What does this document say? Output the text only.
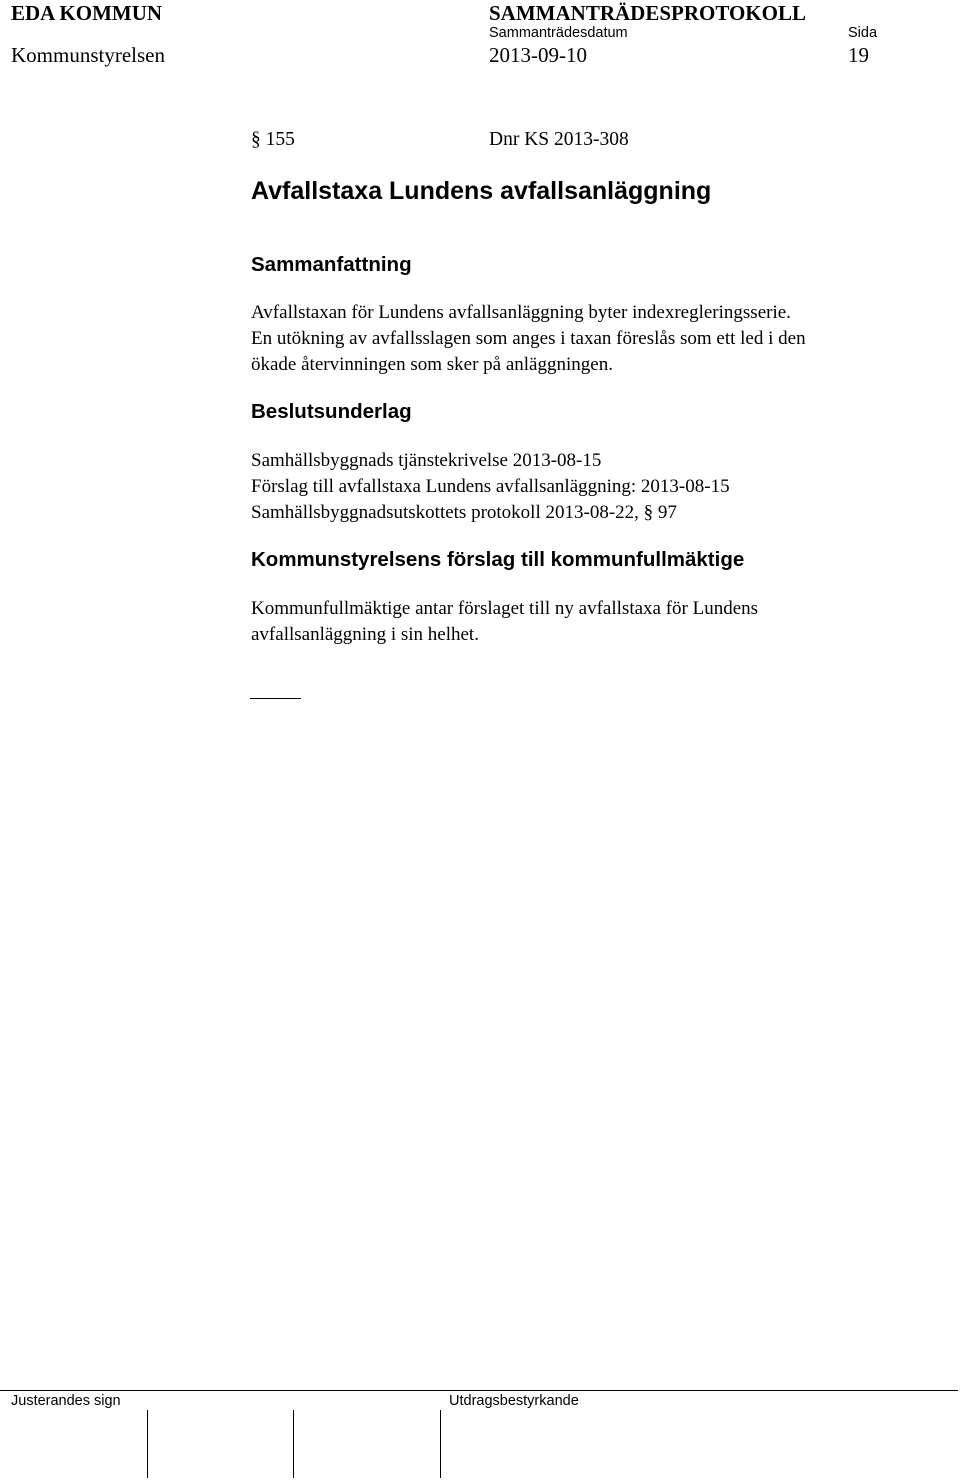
EDA KOMMUN	SAMMANTRÄDESPROTOKOLL
Sammanträdesdatum	Sida
Kommunstyrelsen	2013-09-10	19
§ 155	Dnr KS 2013-308
Avfallstaxa Lundens avfallsanläggning
Sammanfattning
Avfallstaxan för Lundens avfallsanläggning byter indexregleringsserie.
En utökning av avfallsslagen som anges i taxan föreslås som ett led i den
ökade återvinningen som sker på anläggningen.
Beslutsunderlag
Samhällsbyggnads tjänstekrivelse 2013-08-15
Förslag till avfallstaxa Lundens avfallsanläggning: 2013-08-15
Samhällsbyggnadsutskottets protokoll 2013-08-22, § 97
Kommunstyrelsens förslag till kommunfullmäktige
Kommunfullmäktige antar förslaget till ny avfallstaxa för Lundens
avfallsanläggning i sin helhet.
Justerandes sign	Utdragsbestyrkande
